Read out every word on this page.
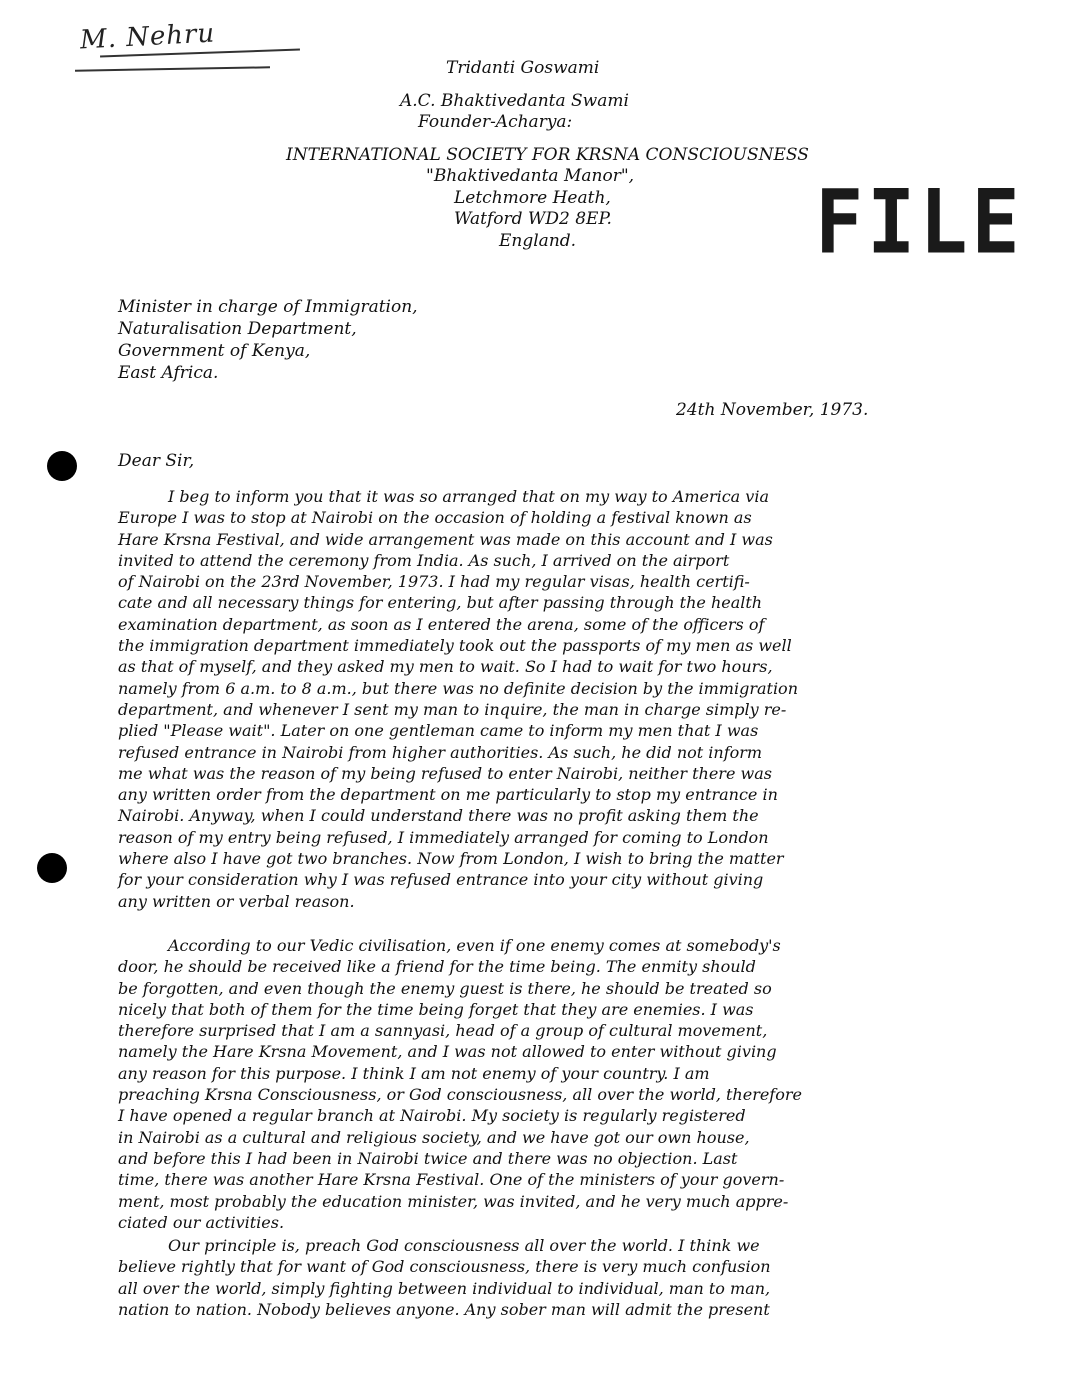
M. Nehru
Tridanti Goswami
A.C. Bhaktivedanta Swami
Founder-Acharya:
INTERNATIONAL SOCIETY FOR KRSNA CONSCIOUSNESS
"Bhaktivedanta Manor",
Letchmore Heath,
Watford WD2 8EP.
England.	FILE
Minister in charge of Immigration,
Naturalisation Department,
Government of Kenya,
East Africa.
24th November, 1973.
Dear Sir,
I beg to inform you that it was so arranged that on my way to America via
Europe I was to stop at Nairobi on the occasion of holding a festival known as
Hare Krsna Festival, and wide arrangement was made on this account and I was
invited to attend the ceremony from India. As such, I arrived on the airport
of Nairobi on the 23rd November, 1973. I had my regular visas, health certifi-
cate and all necessary things for entering, but after passing through the health
examination department, as soon as I entered the arena, some of the officers of
the immigration department immediately took out the passports of my men as well
as that of myself, and they asked my men to wait. So I had to wait for two hours,
namely from 6 a.m. to 8 a.m., but there was no definite decision by the immigration
department, and whenever I sent my man to inquire, the man in charge simply re-
plied "Please wait". Later on one gentleman came to inform my men that I was
refused entrance in Nairobi from higher authorities. As such, he did not inform
me what was the reason of my being refused to enter Nairobi, neither there was
any written order from the department on me particularly to stop my entrance in
Nairobi. Anyway, when I could understand there was no profit asking them the
reason of my entry being refused, I immediately arranged for coming to London
where also I have got two branches. Now from London, I wish to bring the matter
for your consideration why I was refused entrance into your city without giving
any written or verbal reason.
According to our Vedic civilisation, even if one enemy comes at somebody's
door, he should be received like a friend for the time being. The enmity should
be forgotten, and even though the enemy guest is there, he should be treated so
nicely that both of them for the time being forget that they are enemies. I was
therefore surprised that I am a sannyasi, head of a group of cultural movement,
namely the Hare Krsna Movement, and I was not allowed to enter without giving
any reason for this purpose. I think I am not enemy of your country. I am
preaching Krsna Consciousness, or God consciousness, all over the world, therefore
I have opened a regular branch at Nairobi. My society is regularly registered
in Nairobi as a cultural and religious society, and we have got our own house,
and before this I had been in Nairobi twice and there was no objection. Last
time, there was another Hare Krsna Festival. One of the ministers of your govern-
ment, most probably the education minister, was invited, and he very much appre-
ciated our activities.
Our principle is, preach God consciousness all over the world. I think we
believe rightly that for want of God consciousness, there is very much confusion
all over the world, simply fighting between individual to individual, man to man,
nation to nation. Nobody believes anyone. Any sober man will admit the present
